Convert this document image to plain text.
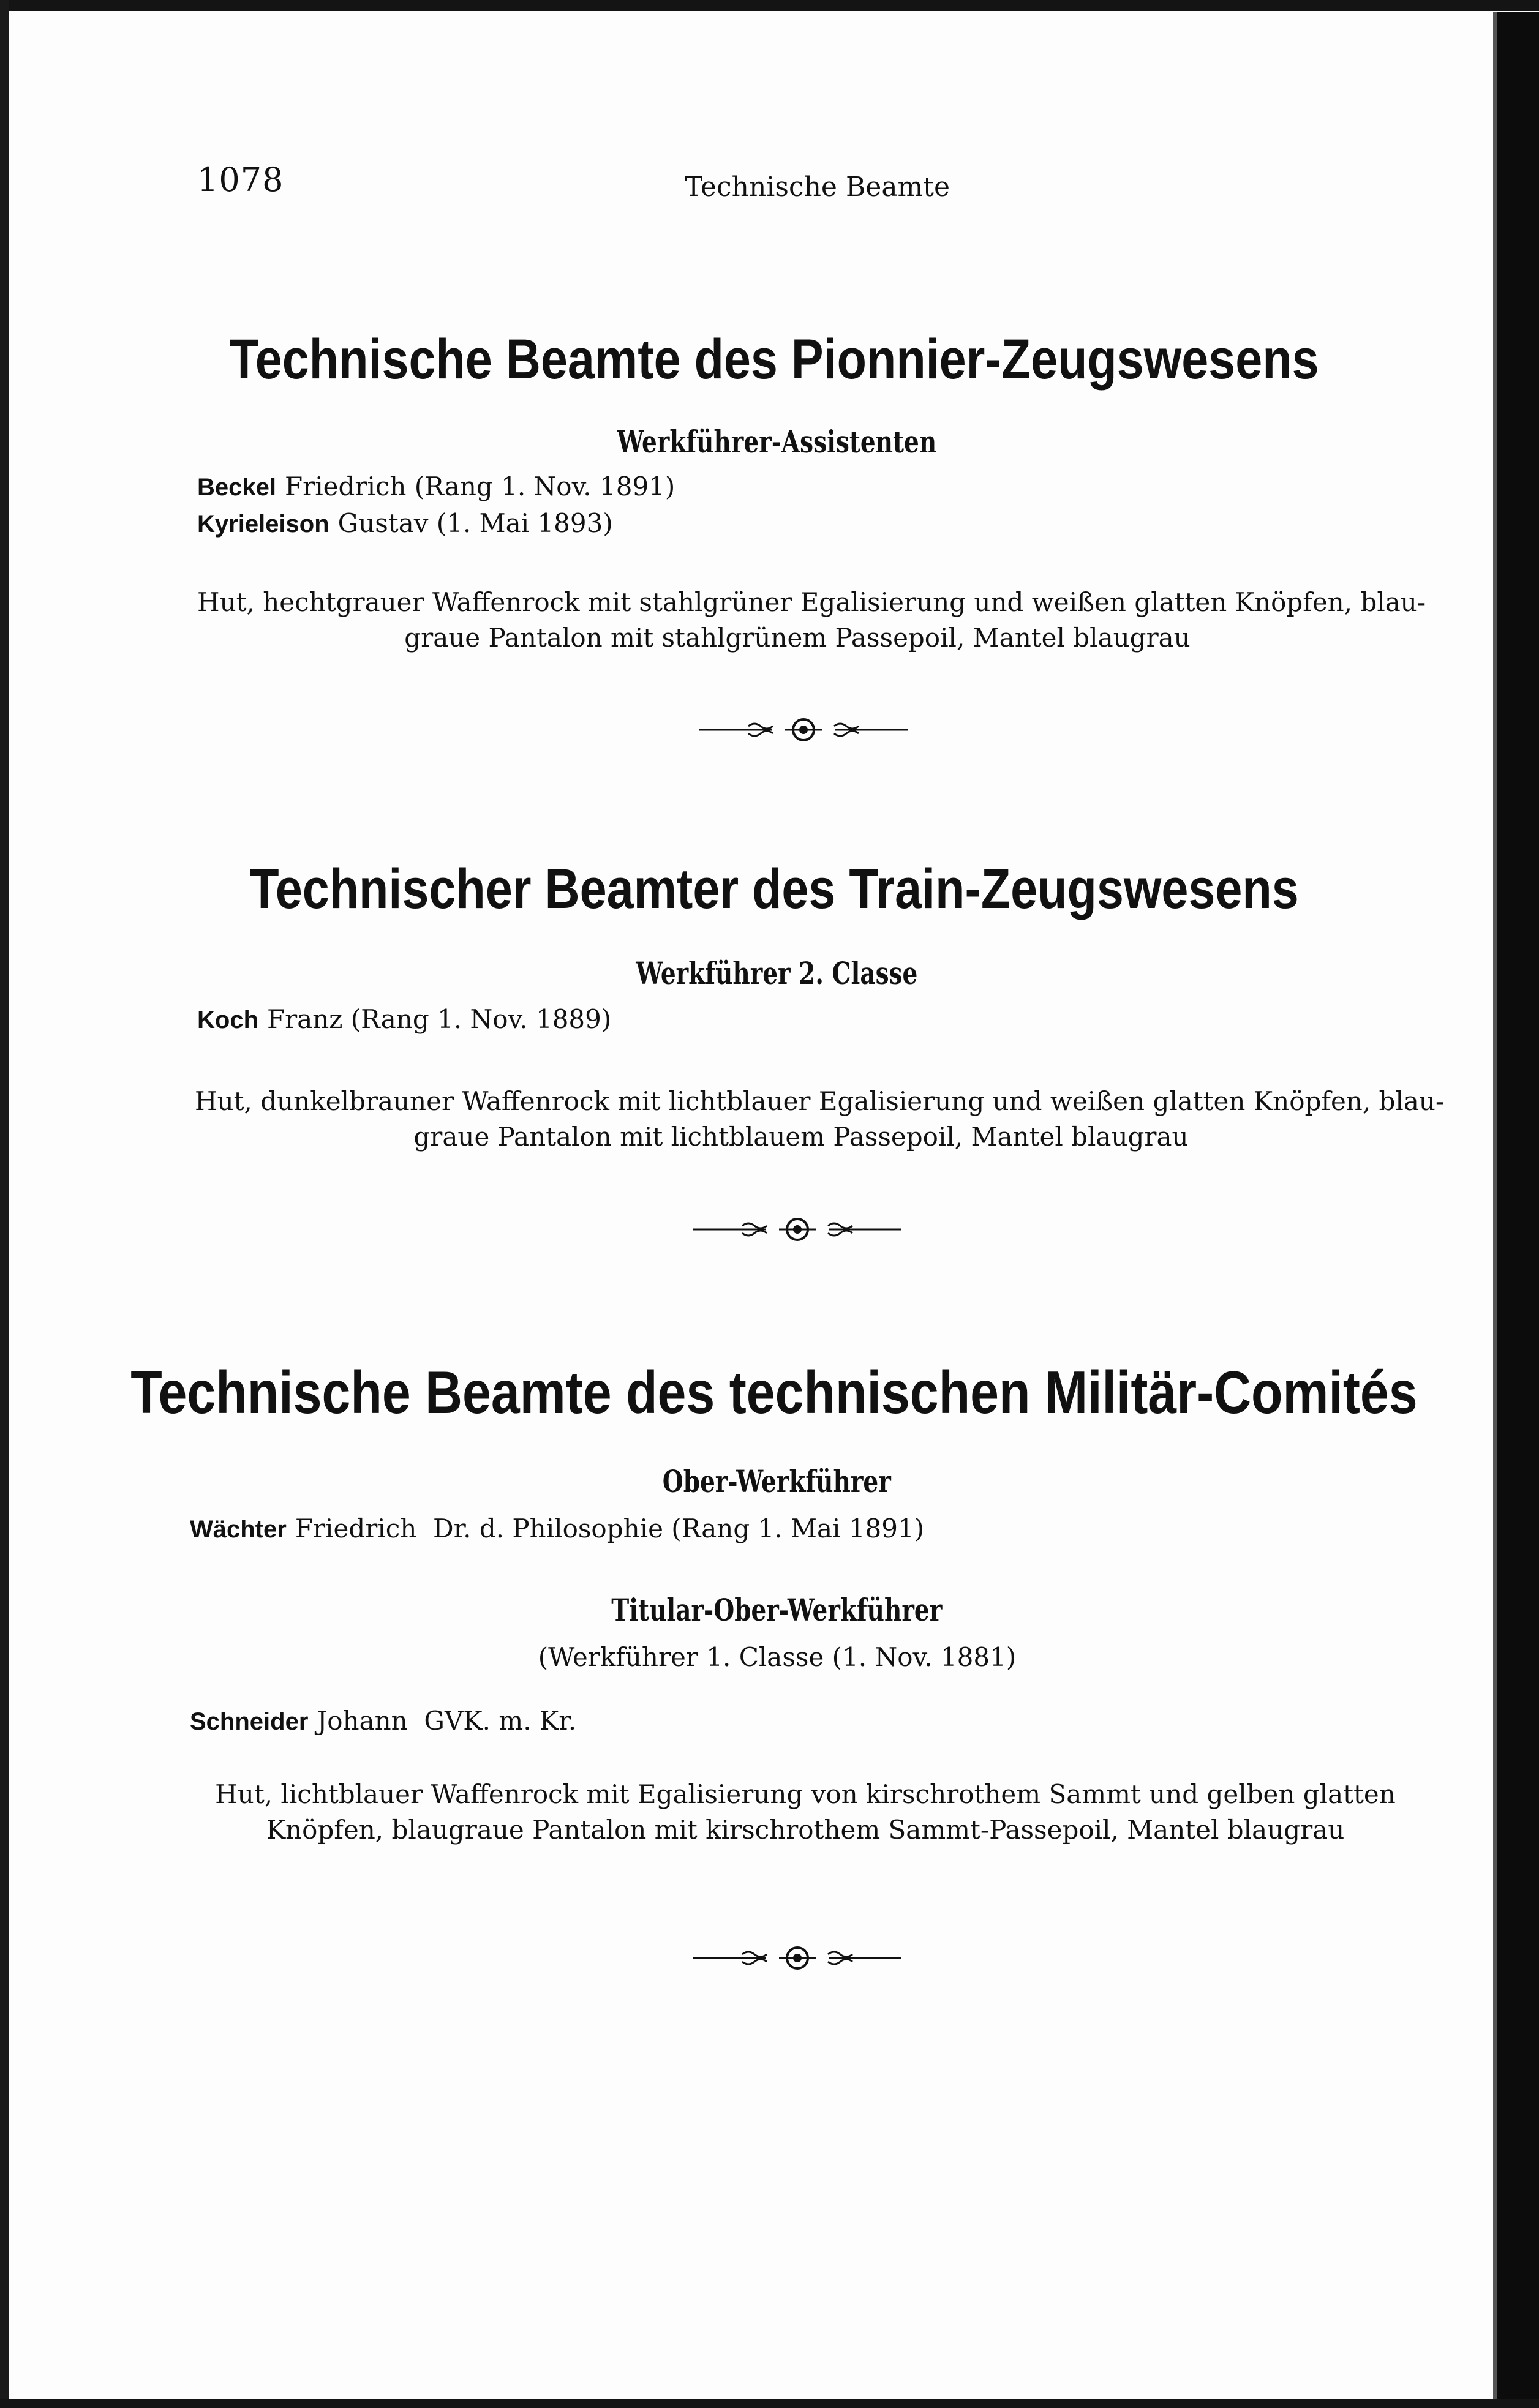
1078	Technische Beamte
Technische Beamte des Pionnier-Zeugswesens
Werkführer-Assistenten
Beckel Friedrich (Rang 1. Nov. 1891)
Kyrieleison Gustav (1. Mai 1893)
Hut, hechtgrauer Waffenrock mit stahlgrüner Egalisierung und weißen glatten Knöpfen, blau-
graue Pantalon mit stahlgrünem Passepoil, Mantel blaugrau
Technischer Beamter des Train-Zeugswesens
Werkführer 2. Classe
Koch Franz (Rang 1. Nov. 1889)
Hut, dunkelbrauner Waffenrock mit lichtblauer Egalisierung und weißen glatten Knöpfen, blau-
graue Pantalon mit lichtblauem Passepoil, Mantel blaugrau
Technische Beamte des technischen Militär-Comités
Ober-Werkführer
Wächter Friedrich  Dr. d. Philosophie (Rang 1. Mai 1891)
Titular-Ober-Werkführer
(Werkführer 1. Classe (1. Nov. 1881)
Schneider Johann  GVK. m. Kr.
Hut, lichtblauer Waffenrock mit Egalisierung von kirschrothem Sammt und gelben glatten
Knöpfen, blaugraue Pantalon mit kirschrothem Sammt-Passepoil, Mantel blaugrau
